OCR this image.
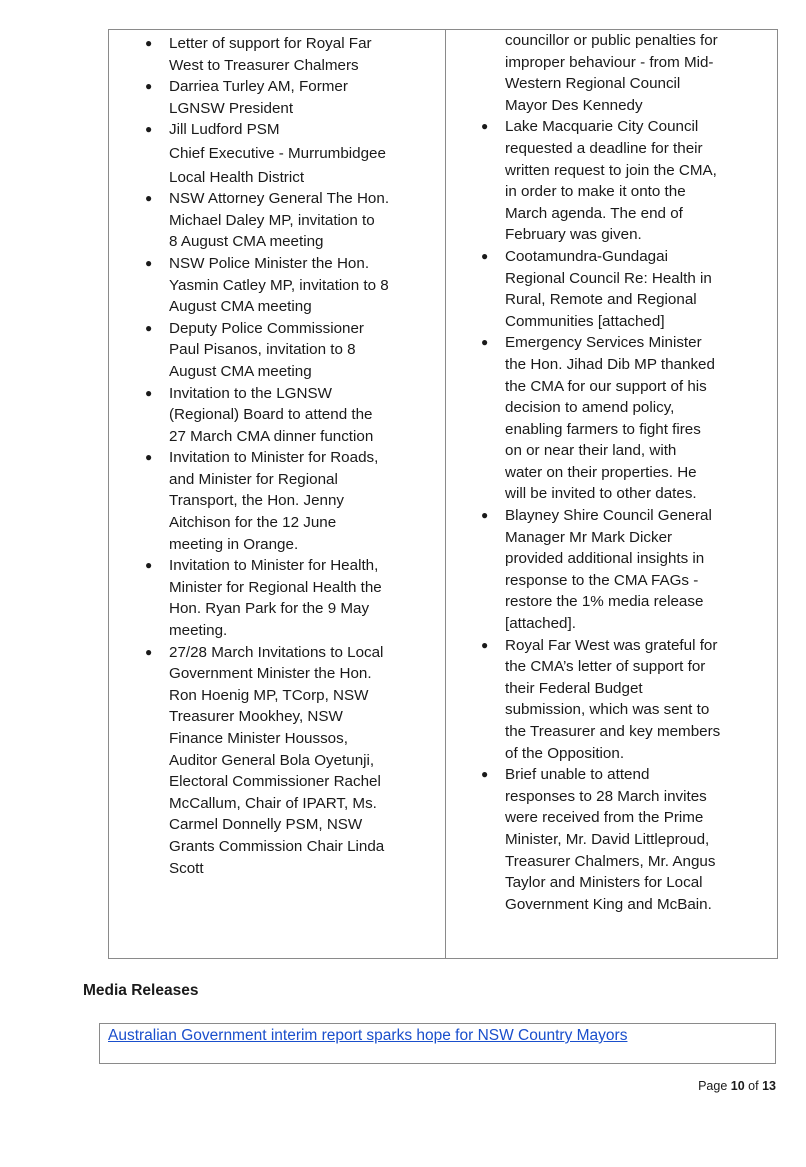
● Letter of support for Royal Far
West to Treasurer Chalmers
● Darriea Turley AM, Former
LGNSW President
● Jill Ludford PSM
Chief Executive - Murrumbidgee
Local Health District
● NSW Attorney General The Hon.
Michael Daley MP, invitation to
8 August CMA meeting
● NSW Police Minister the Hon.
Yasmin Catley MP, invitation to 8
August CMA meeting
● Deputy Police Commissioner
Paul Pisanos, invitation to 8
August CMA meeting
● Invitation to the LGNSW
(Regional) Board to attend the
27 March CMA dinner function
● Invitation to Minister for Roads,
and Minister for Regional
Transport, the Hon. Jenny
Aitchison for the 12 June
meeting in Orange.
● Invitation to Minister for Health,
Minister for Regional Health the
Hon. Ryan Park for the 9 May
meeting.
● 27/28 March Invitations to Local
Government Minister the Hon.
Ron Hoenig MP, TCorp, NSW
Treasurer Mookhey, NSW
Finance Minister Houssos,
Auditor General Bola Oyetunji,
Electoral Commissioner Rachel
McCallum, Chair of IPART, Ms.
Carmel Donnelly PSM, NSW
Grants Commission Chair Linda
Scott
councillor or public penalties for
improper behaviour - from Mid-
Western Regional Council
Mayor Des Kennedy
● Lake Macquarie City Council
requested a deadline for their
written request to join the CMA,
in order to make it onto the
March agenda. The end of
February was given.
● Cootamundra-Gundagai
Regional Council Re: Health in
Rural, Remote and Regional
Communities [attached]
● Emergency Services Minister
the Hon. Jihad Dib MP thanked
the CMA for our support of his
decision to amend policy,
enabling farmers to fight fires
on or near their land, with
water on their properties. He
will be invited to other dates.
● Blayney Shire Council General
Manager Mr Mark Dicker
provided additional insights in
response to the CMA FAGs -
restore the 1% media release
[attached].
● Royal Far West was grateful for
the CMA’s letter of support for
their Federal Budget
submission, which was sent to
the Treasurer and key members
of the Opposition.
● Brief unable to attend
responses to 28 March invites
were received from the Prime
Minister, Mr. David Littleproud,
Treasurer Chalmers, Mr. Angus
Taylor and Ministers for Local
Government King and McBain.
Media Releases
Australian Government interim report sparks hope for NSW Country Mayors
Page 10 of 13
